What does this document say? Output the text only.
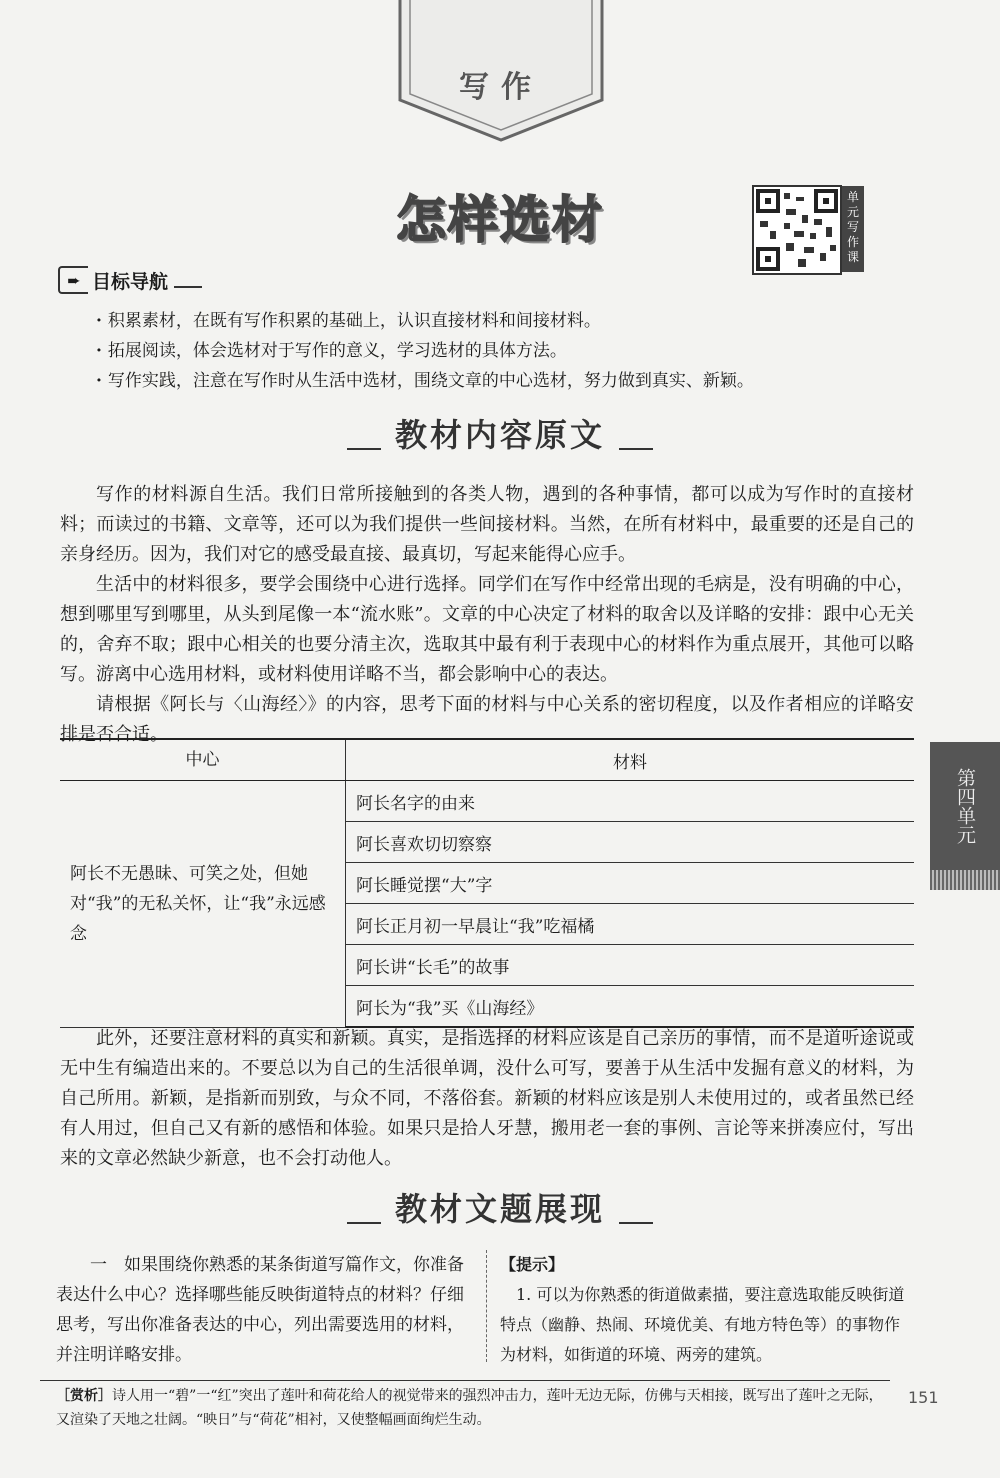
写作
怎样选材	单元写作课
➨ 目标导航
· 积累素材，在既有写作积累的基础上，认识直接材料和间接材料。
· 拓展阅读，体会选材对于写作的意义，学习选材的具体方法。
· 写作实践，注意在写作时从生活中选材，围绕文章的中心选材，努力做到真实、新颖。
教材内容原文
写作的材料源自生活。我们日常所接触到的各类人物，遇到的各种事情，都可以成为写作时的直接材料；而读过的书籍、文章等，还可以为我们提供一些间接材料。当然，在所有材料中，最重要的还是自己的亲身经历。因为，我们对它的感受最直接、最真切，写起来能得心应手。
生活中的材料很多，要学会围绕中心进行选择。同学们在写作中经常出现的毛病是，没有明确的中心，想到哪里写到哪里，从头到尾像一本“流水账”。文章的中心决定了材料的取舍以及详略的安排：跟中心无关的，舍弃不取；跟中心相关的也要分清主次，选取其中最有利于表现中心的材料作为重点展开，其他可以略写。游离中心选用材料，或材料使用详略不当，都会影响中心的表达。
请根据《阿长与〈山海经〉》的内容，思考下面的材料与中心关系的密切程度，以及作者相应的详略安排是否合适。
中心	材料
阿长不无愚昧、可笑之处，但她对“我”的无私关怀，让“我”永远感念	阿长名字的由来
	阿长喜欢切切察察
	阿长睡觉摆“大”字
	阿长正月初一早晨让“我”吃福橘
	阿长讲“长毛”的故事
	阿长为“我”买《山海经》
第四单元
此外，还要注意材料的真实和新颖。真实，是指选择的材料应该是自己亲历的事情，而不是道听途说或无中生有编造出来的。不要总以为自己的生活很单调，没什么可写，要善于从生活中发掘有意义的材料，为自己所用。新颖，是指新而别致，与众不同，不落俗套。新颖的材料应该是别人未使用过的，或者虽然已经有人用过，但自己又有新的感悟和体验。如果只是拾人牙慧，搬用老一套的事例、言论等来拼凑应付，写出来的文章必然缺少新意，也不会打动他人。
教材文题展现
一　如果围绕你熟悉的某条街道写篇作文，你准备表达什么中心？选择哪些能反映街道特点的材料？仔细思考，写出你准备表达的中心，列出需要选用的材料，并注明详略安排。
【提示】
1. 可以为你熟悉的街道做素描，要注意选取能反映街道特点（幽静、热闹、环境优美、有地方特色等）的事物作为材料，如街道的环境、两旁的建筑。
［赏析］诗人用一“碧”一“红”突出了莲叶和荷花给人的视觉带来的强烈冲击力，莲叶无边无际，仿佛与天相接，既写出了莲叶之无际，又渲染了天地之壮阔。“映日”与“荷花”相衬，又使整幅画面绚烂生动。
151
